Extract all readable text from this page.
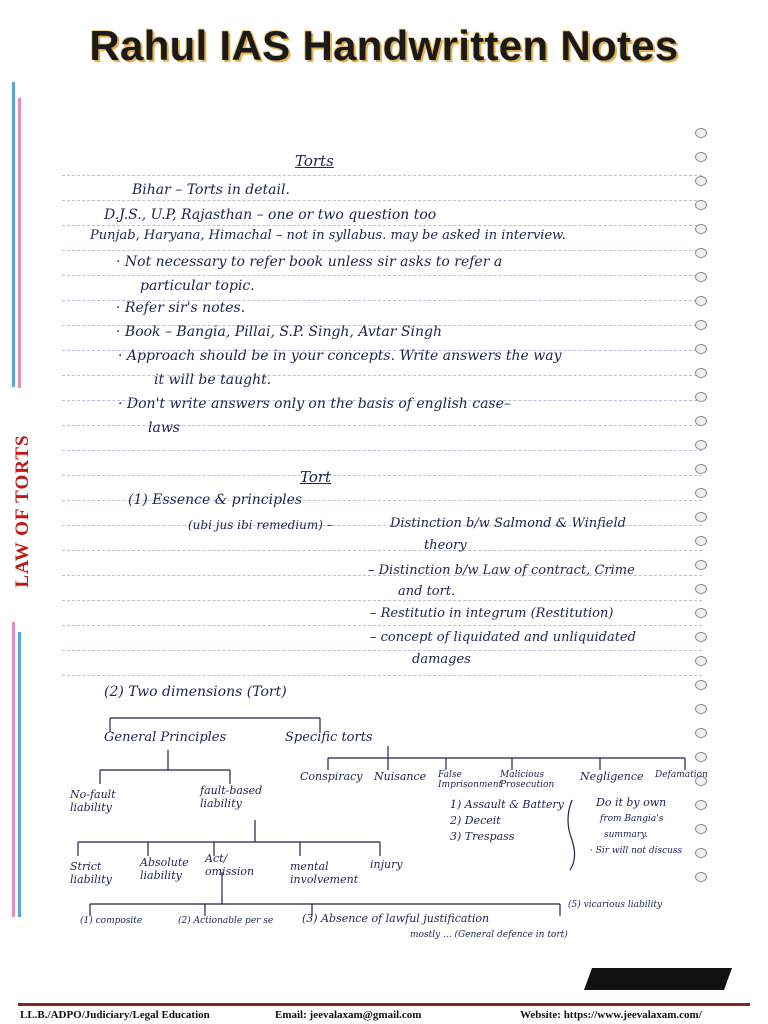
Rahul IAS Handwritten Notes
LAW OF TORTS
Torts
Bihar – Torts in detail.
D.J.S., U.P, Rajasthan – one or two question too
Punjab, Haryana, Himachal – not in syllabus. may be asked in interview.
· Not necessary to refer book unless sir asks to refer a
particular topic.
· Refer sir's notes.
· Book – Bangia, Pillai, S.P. Singh, Avtar Singh
· Approach should be in your concepts. Write answers the way
it will be taught.
· Don't write answers only on the basis of english case–
laws
Tort
(1) Essence & principles
(ubi jus ibi remedium) –	Distinction b/w Salmond & Winfield
theory
– Distinction b/w Law of contract, Crime
and tort.
– Restitutio in integrum (Restitution)
– concept of liquidated and unliquidated
damages
(2) Two dimensions (Tort)
General Principles	Specific torts
No-fault liability
fault-based liability
Conspiracy Nuisance False Imprisonment
Malicious Prosecution
Negligence Defamation
1) Assault & Battery
2) Deceit
3) Trespass
Do it by own
from Bangia's
summary.
· Sir will not discuss
Strict liability
Absolute liability
Act/ omission	mental involvement
injury
(1) composite	(2) Actionable per se	(3) Absence of lawful justification
mostly ... (General defence in tort)
(5) vicarious liability
LL.B./ADPO/Judiciary/Legal Education	Email: jeevalaxam@gmail.com	Website: https://www.jeevalaxam.com/
